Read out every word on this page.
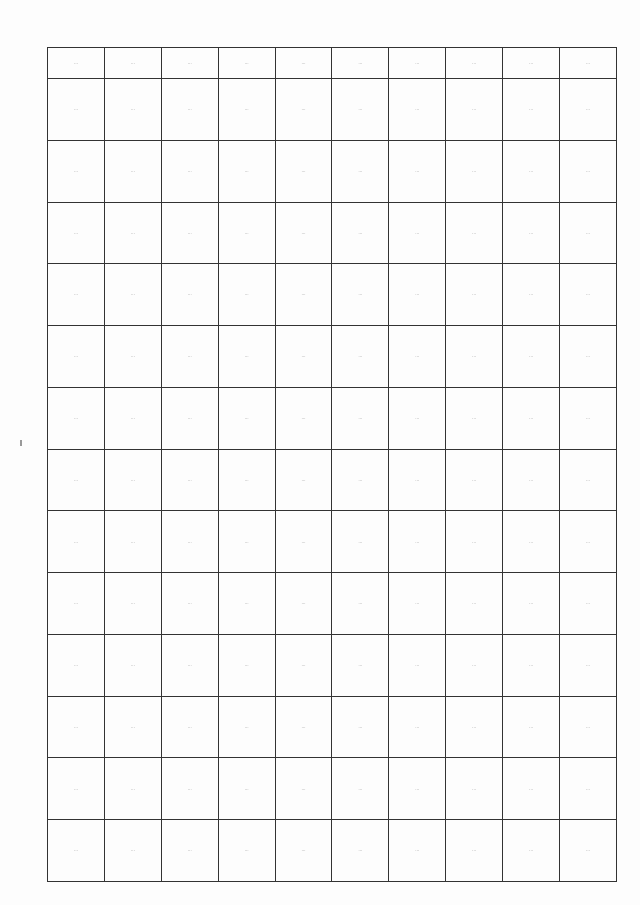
…	…	…	…	…	…	…	…	…	…
…	…	…	…	…	…	…	…	…	…
…	…	…	…	…	…	…	…	…	…
…	…	…	…	…	…	…	…	…	…
…	…	…	…	…	…	…	…	…	…
…	…	…	…	…	…	…	…	…	…
…	…	…	…	…	…	…	…	…	…
…	…	…	…	…	…	…	…	…	…
…	…	…	…	…	…	…	…	…	…
…	…	…	…	…	…	…	…	…	…
…	…	…	…	…	…	…	…	…	…
…	…	…	…	…	…	…	…	…	…
…	…	…	…	…	…	…	…	…	…
…	…	…	…	…	…	…	…	…	…
